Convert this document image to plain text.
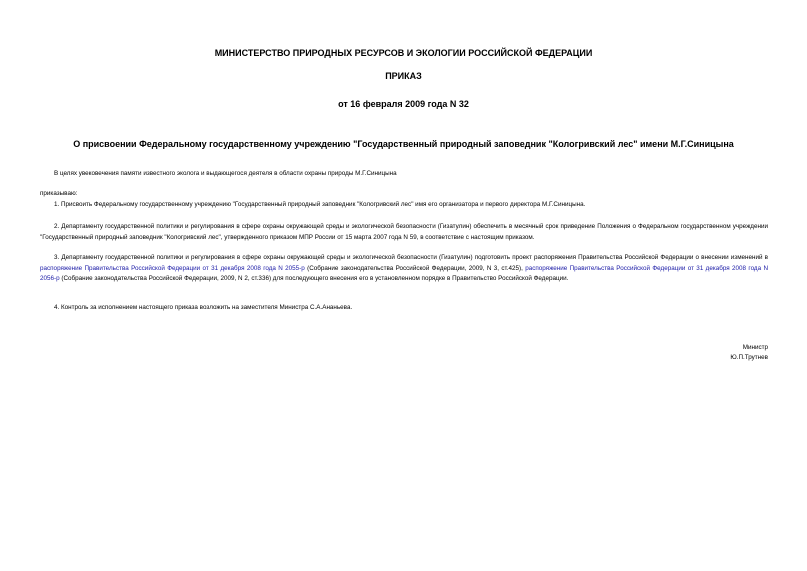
МИНИСТЕРСТВО ПРИРОДНЫХ РЕСУРСОВ И ЭКОЛОГИИ РОССИЙСКОЙ ФЕДЕРАЦИИ
ПРИКАЗ
от 16 февраля 2009 года N 32
О присвоении Федеральному государственному учреждению "Государственный природный заповедник "Кологривский лес" имени М.Г.Синицына
В целях увековечения памяти известного эколога и выдающегося деятеля в области охраны природы М.Г.Синицына
приказываю:
1. Присвоить Федеральному государственному учреждению "Государственный природный заповедник "Кологривский лес" имя его организатора и первого директора М.Г.Синицына.
2. Департаменту государственной политики и регулирования в сфере охраны окружающей среды и экологической безопасности (Гизатулин) обеспечить в месячный срок приведение Положения о Федеральном государственном учреждении "Государственный природный заповедник "Кологривский лес", утвержденного приказом МПР России от 15 марта 2007 года N 59, в соответствие с настоящим приказом.
3. Департаменту государственной политики и регулирования в сфере охраны окружающей среды и экологической безопасности (Гизатулин) подготовить проект распоряжения Правительства Российской Федерации о внесении изменений в распоряжение Правительства Российской Федерации от 31 декабря 2008 года N 2055-р (Собрание законодательства Российской Федерации, 2009, N 3, ст.425), распоряжение Правительства Российской Федерации от 31 декабря 2008 года N 2056-р (Собрание законодательства Российской Федерации, 2009, N 2, ст.336) для последующего внесения его в установленном порядке в Правительство Российской Федерации.
4. Контроль за исполнением настоящего приказа возложить на заместителя Министра С.А.Ананьева.
Министр
Ю.П.Трутнев
